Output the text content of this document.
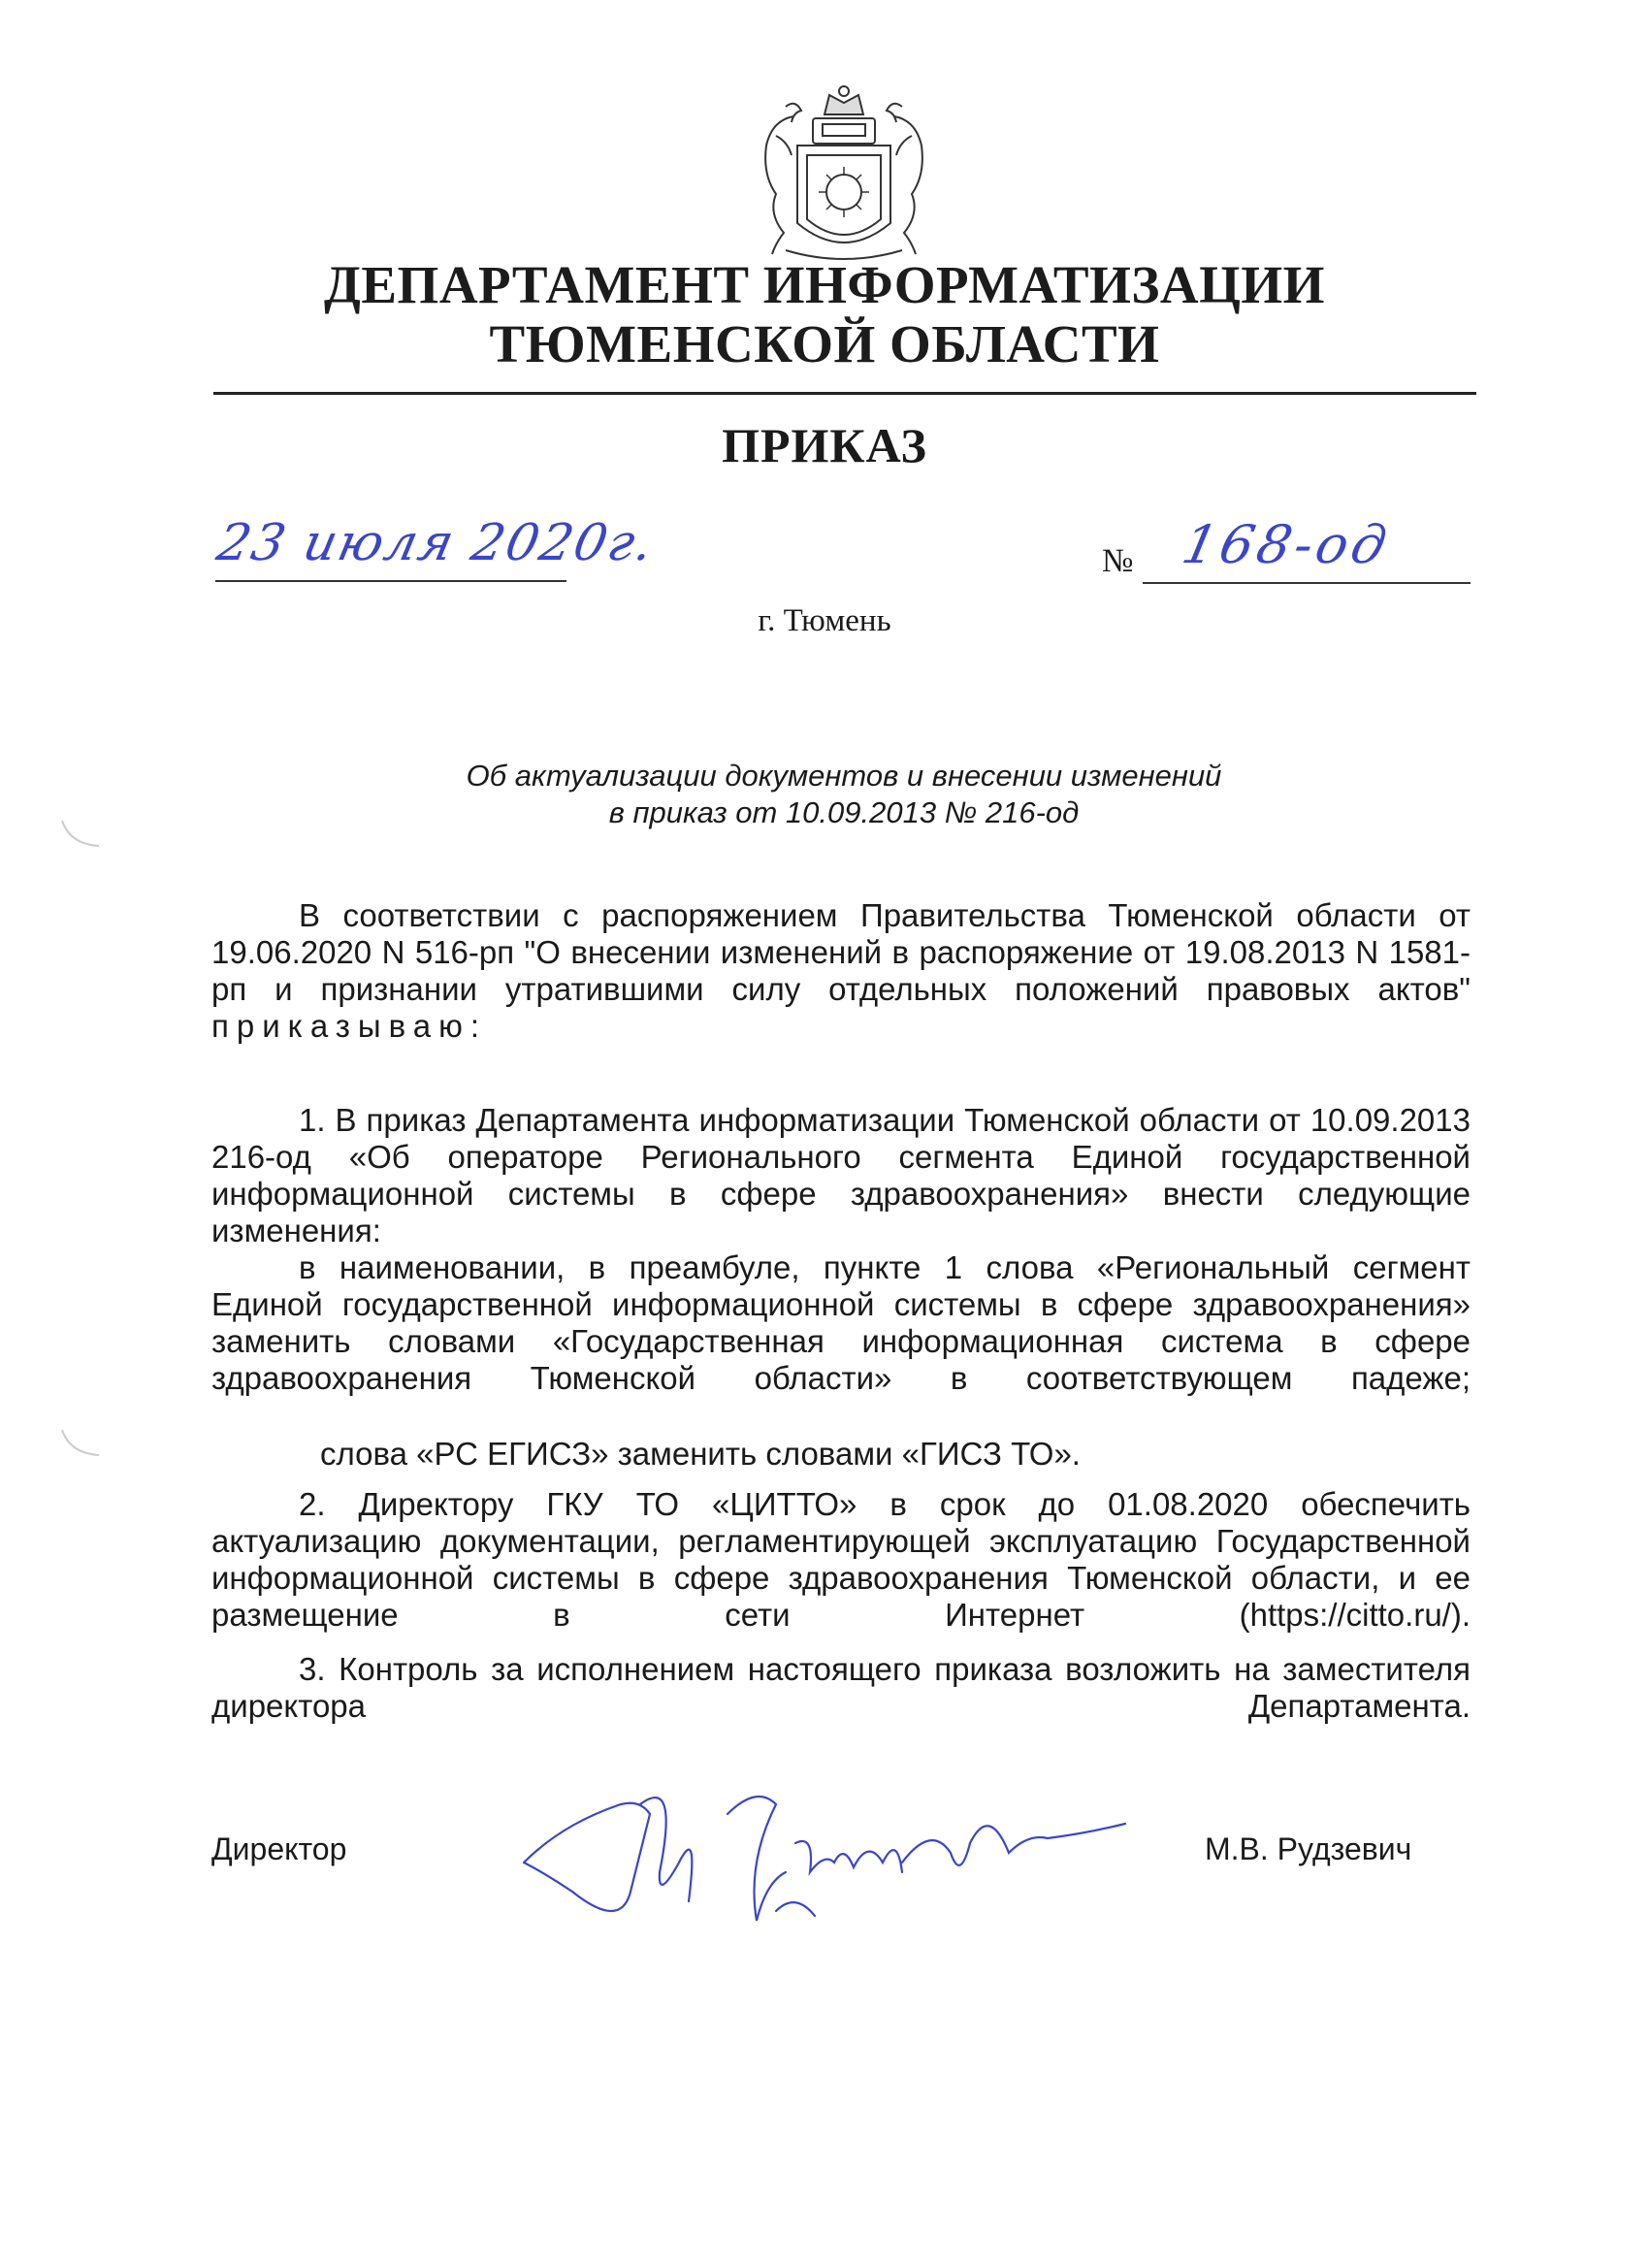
ДЕПАРТАМЕНТ ИНФОРМАТИЗАЦИИ
ТЮМЕНСКОЙ ОБЛАСТИ
ПРИКАЗ
23 июля 2020г.	№ 168-од
г. Тюмень
Об актуализации документов и внесении изменений
в приказ от 10.09.2013 № 216-од
В соответствии с распоряжением Правительства Тюменской области от 19.06.2020 N 516-рп "О внесении изменений в распоряжение от 19.08.2013 N 1581-рп и признании утратившими силу отдельных положений правовых актов" приказываю:
1. В приказ Департамента информатизации Тюменской области от 10.09.2013 216-од «Об операторе Регионального сегмента Единой государственной информационной системы в сфере здравоохранения» внести следующие изменения:
в наименовании, в преамбуле, пункте 1 слова «Региональный сегмент Единой государственной информационной системы в сфере здравоохранения» заменить словами «Государственная информационная система в сфере здравоохранения Тюменской области» в соответствующем падеже;
слова «РС ЕГИСЗ» заменить словами «ГИСЗ ТО».
2. Директору ГКУ ТО «ЦИТТО» в срок до 01.08.2020 обеспечить актуализацию документации, регламентирующей эксплуатацию Государственной информационной системы в сфере здравоохранения Тюменской области, и ее размещение в сети Интернет (https://citto.ru/).
3. Контроль за исполнением настоящего приказа возложить на заместителя директора Департамента.
Директор	М.В. Рудзевич
